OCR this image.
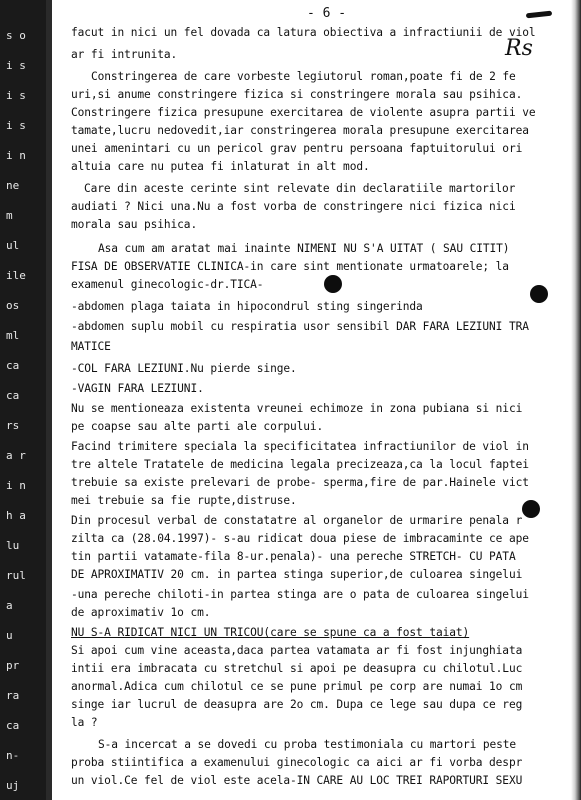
s o
i s
i s
i s
i n
ne
m
ul
ile
os
ml
ca
ca
rs
a r
i n
h a
lu
rul
a
u
pr
ra
ca
n-
uj
- 6 -
Rs
facut in nici un fel dovada ca latura obiectiva a infractiunii de viol
ar fi intrunita.
Constringerea de care vorbeste legiutorul roman,poate fi de 2 fe
uri,si anume constringere fizica si constringere morala sau psihica.
Constringere fizica presupune exercitarea de violente asupra partii ve
tamate,lucru nedovedit,iar constringerea morala presupune exercitarea
unei amenintari cu un pericol grav pentru persoana faptuitorului ori
altuia care nu putea fi inlaturat in alt mod.
Care din aceste cerinte sint relevate din declaratiile martorilor
audiati ? Nici una.Nu a fost vorba de constringere nici fizica nici
morala sau psihica.
Asa cum am aratat mai inainte NIMENI NU S'A UITAT ( SAU CITIT)
FISA DE OBSERVATIE CLINICA-in care sint mentionate urmatoarele; la
examenul ginecologic-dr.TICA-
-abdomen plaga taiata in hipocondrul sting singerinda
-abdomen suplu mobil cu respiratia usor sensibil DAR FARA LEZIUNI TRA
MATICE
-COL FARA LEZIUNI.Nu pierde singe.
-VAGIN FARA LEZIUNI.
Nu se mentioneaza existenta vreunei echimoze in zona pubiana si nici
pe coapse sau alte parti ale corpului.
Facind trimitere speciala la specificitatea infractiunilor de viol in
tre altele Tratatele de medicina legala precizeaza,ca la locul faptei
trebuie sa existe prelevari de probe- sperma,fire de par.Hainele vict
mei trebuie sa fie rupte,distruse.
Din procesul verbal de constatatre al organelor de urmarire penala r
zilta ca (28.04.1997)- s-au ridicat doua piese de imbracaminte ce ape
tin partii vatamate-fila 8-ur.penala)- una pereche STRETCH- CU PATA
DE APROXIMATIV 20 cm. in partea stinga superior,de culoarea singelui
-una pereche chiloti-in partea stinga are o pata de culoarea singelui
de aproximativ 1o cm.
NU S-A RIDICAT NICI UN TRICOU(care se spune ca a fost taiat)
Si apoi cum vine aceasta,daca partea vatamata ar fi fost injunghiata
intii era imbracata cu stretchul si apoi pe deasupra cu chilotul.Luc
anormal.Adica cum chilotul ce se pune primul pe corp are numai 1o cm
singe iar lucrul de deasupra are 2o cm. Dupa ce lege sau dupa ce reg
la ?
S-a incercat a se dovedi cu proba testimoniala cu martori peste
proba stiintifica a examenului ginecologic ca aici ar fi vorba despr
un viol.Ce fel de viol este acela-IN CARE AU LOC TREI RAPORTURI SEXU
